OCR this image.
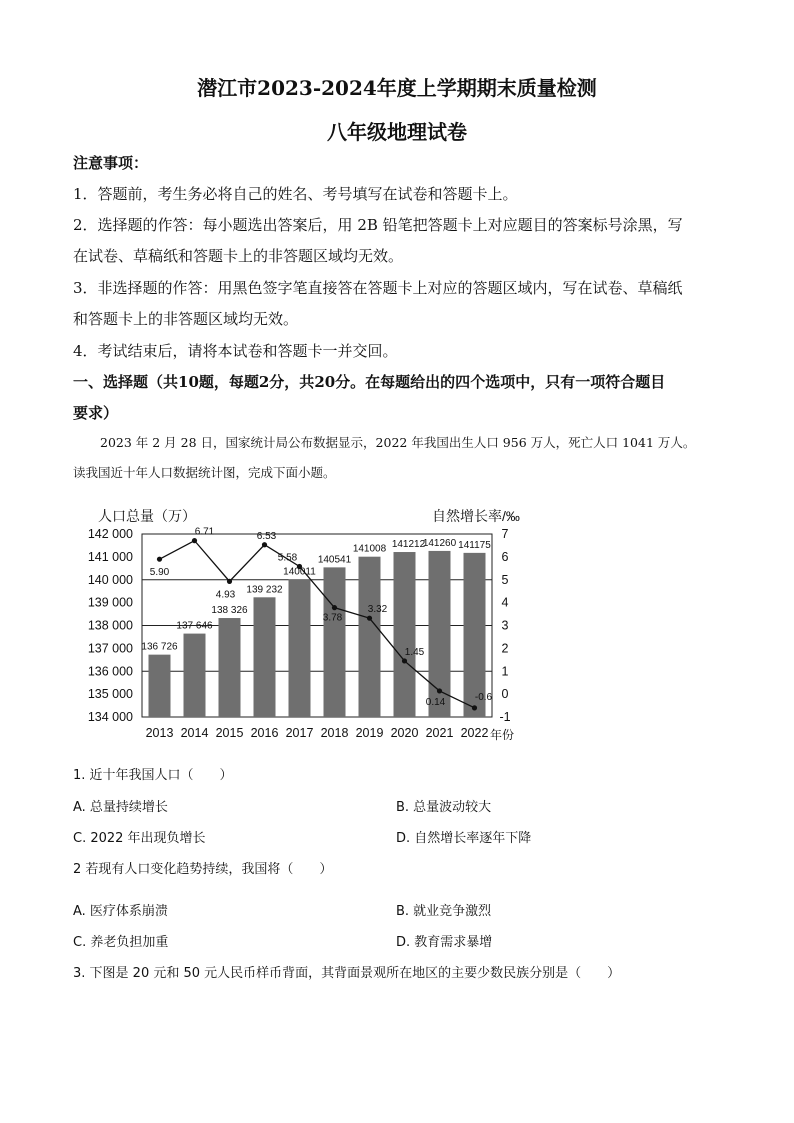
潜江市2023-2024年度上学期期末质量检测
八年级地理试卷
注意事项：
1．答题前，考生务必将自己的姓名、考号填写在试卷和答题卡上。
2．选择题的作答：每小题选出答案后，用 2B 铅笔把答题卡上对应题目的答案标号涂黑，写
在试卷、草稿纸和答题卡上的非答题区域均无效。
3．非选择题的作答：用黑色签字笔直接答在答题卡上对应的答题区域内，写在试卷、草稿纸
和答题卡上的非答题区域均无效。
4．考试结束后，请将本试卷和答题卡一并交回。
一、选择题（共10题，每题2分，共20分。在每题给出的四个选项中，只有一项符合题目
要求）
2023 年 2 月 28 日，国家统计局公布数据显示，2022 年我国出生人口 956 万人，死亡人口 1041 万人。
读我国近十年人口数据统计图，完成下面小题。
人口总量（万）	自然增长率/‰
年份
142 000	7
141 000	6
140 000	5
139 000	4
138 000	3
137 000	2
136 000	1
135 000	0
134 000	-1
136 726
2013
137 646
2014
138 326
2015
139 232
2016
140011
2017
140541
2018
141008
2019
141212
2020
141260
2021
141175
2022
5.90
6.71
4.93
6.53
5.58
3.78
3.32
1.45
0.14	-0.6
1. 近十年我国人口（　　）
A. 总量持续增长	B. 总量波动较大
C. 2022 年出现负增长	D. 自然增长率逐年下降
2 若现有人口变化趋势持续，我国将（　　）
A. 医疗体系崩溃	B. 就业竞争激烈
C. 养老负担加重	D. 教育需求暴增
3. 下图是 20 元和 50 元人民币样币背面，其背面景观所在地区的主要少数民族分别是（　　）
